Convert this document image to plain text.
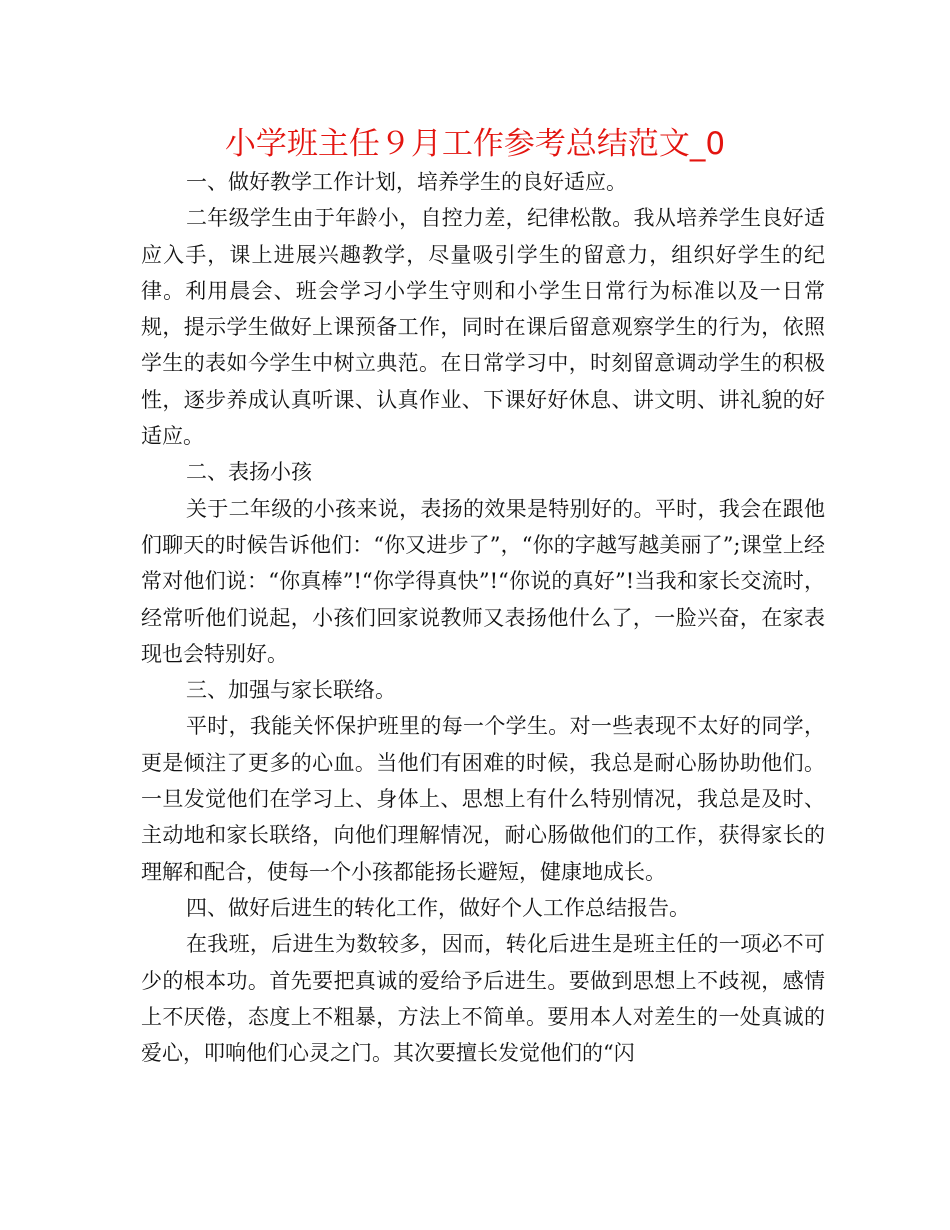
小学班主任９月工作参考总结范文_0

一、做好教学工作计划，培养学生的良好适应。

二年级学生由于年龄小，自控力差，纪律松散。我从培养学生良好适应入手，课上进展兴趣教学，尽量吸引学生的留意力，组织好学生的纪律。利用晨会、班会学习小学生守则和小学生日常行为标准以及一日常规，提示学生做好上课预备工作，同时在课后留意观察学生的行为，依照学生的表如今学生中树立典范。在日常学习中，时刻留意调动学生的积极性，逐步养成认真听课、认真作业、下课好好休息、讲文明、讲礼貌的好适应。

二、表扬小孩

关于二年级的小孩来说，表扬的效果是特别好的。平时，我会在跟他们聊天的时候告诉他们：“你又进步了”，“你的字越写越美丽了”;课堂上经常对他们说：“你真棒”!“你学得真快”!“你说的真好”!当我和家长交流时，经常听他们说起，小孩们回家说教师又表扬他什么了，一脸兴奋，在家表现也会特别好。

三、加强与家长联络。

平时，我能关怀保护班里的每一个学生。对一些表现不太好的同学，更是倾注了更多的心血。当他们有困难的时候，我总是耐心肠协助他们。一旦发觉他们在学习上、身体上、思想上有什么特别情况，我总是及时、主动地和家长联络，向他们理解情况，耐心肠做他们的工作，获得家长的理解和配合，使每一个小孩都能扬长避短，健康地成长。

四、做好后进生的转化工作，做好个人工作总结报告。

在我班，后进生为数较多，因而，转化后进生是班主任的一项必不可少的根本功。首先要把真诚的爱给予后进生。要做到思想上不歧视，感情上不厌倦，态度上不粗暴，方法上不简单。要用本人对差生的一处真诚的爱心，叩响他们心灵之门。其次要擅长发觉他们的“闪
